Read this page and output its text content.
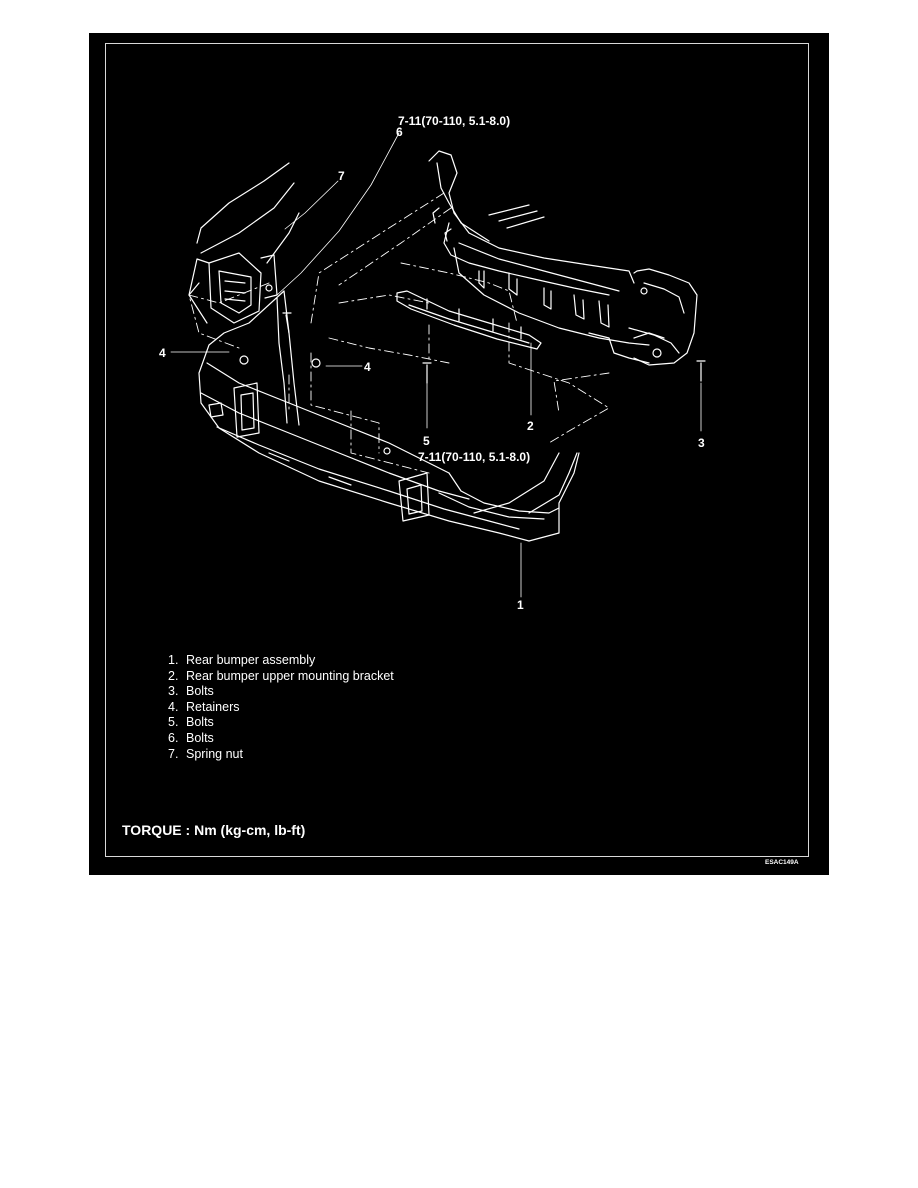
7-11(70-110, 5.1-8.0)
6
7
4
4
5
2
3
7-11(70-110, 5.1-8.0)
1
1. Rear bumper assembly
2. Rear bumper upper mounting bracket
3. Bolts
4. Retainers
5. Bolts
6. Bolts
7. Spring nut
TORQUE : Nm (kg-cm, lb-ft)
ESAC149A
